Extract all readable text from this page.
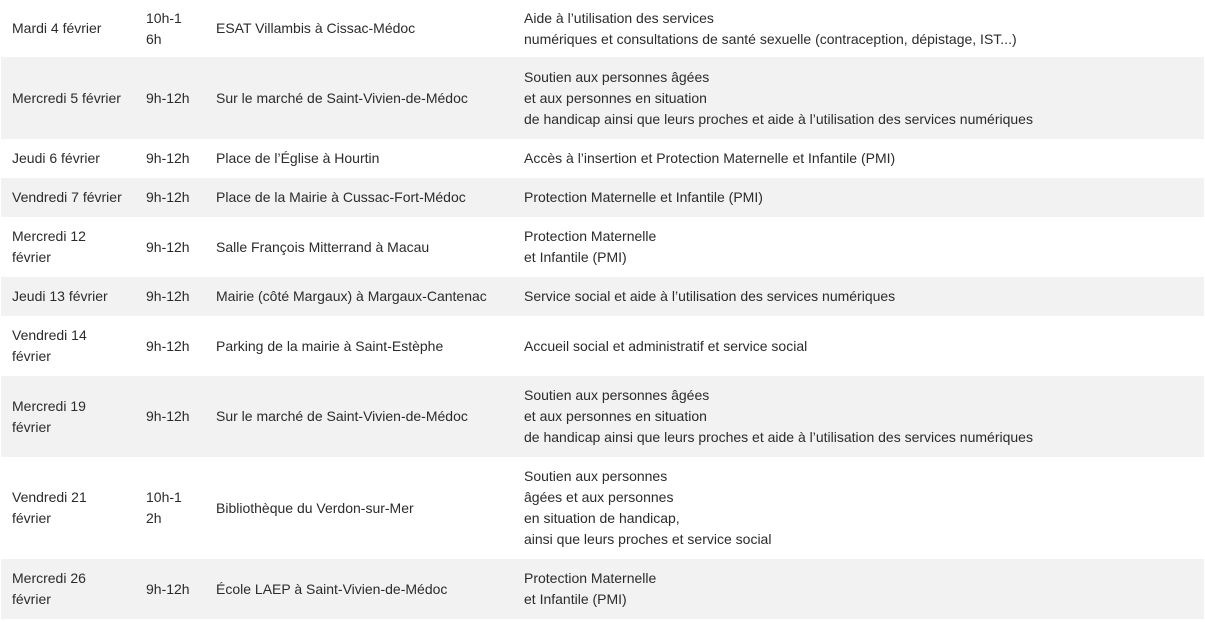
Mardi 4 février	10h-16h	ESAT Villambis à Cissac-Médoc	Aide à l’utilisation des services
numériques et consultations de santé sexuelle (contraception, dépistage, IST...)

Mercredi 5 février	9h-12h	Sur le marché de Saint-Vivien-de-Médoc	Soutien aux personnes âgées
et aux personnes en situation
de handicap ainsi que leurs proches et aide à l’utilisation des services numériques

Jeudi 6 février	9h-12h	Place de l’Église à Hourtin	Accès à l’insertion et Protection Maternelle et Infantile (PMI)

Vendredi 7 février	9h-12h	Place de la Mairie à Cussac-Fort-Médoc	Protection Maternelle et Infantile (PMI)

Mercredi 12 février	9h-12h	Salle François Mitterrand à Macau	Protection Maternelle
et Infantile (PMI)

Jeudi 13 février	9h-12h	Mairie (côté Margaux) à Margaux-Cantenac	Service social et aide à l’utilisation des services numériques

Vendredi 14 février	9h-12h	Parking de la mairie à Saint-Estèphe	Accueil social et administratif et service social

Mercredi 19 février	9h-12h	Sur le marché de Saint-Vivien-de-Médoc	Soutien aux personnes âgées
et aux personnes en situation
de handicap ainsi que leurs proches et aide à l’utilisation des services numériques

Vendredi 21 février	10h-12h	Bibliothèque du Verdon-sur-Mer	Soutien aux personnes
âgées et aux personnes
en situation de handicap,
ainsi que leurs proches et service social

Mercredi 26 février	9h-12h	École LAEP à Saint-Vivien-de-Médoc	Protection Maternelle
et Infantile (PMI)
